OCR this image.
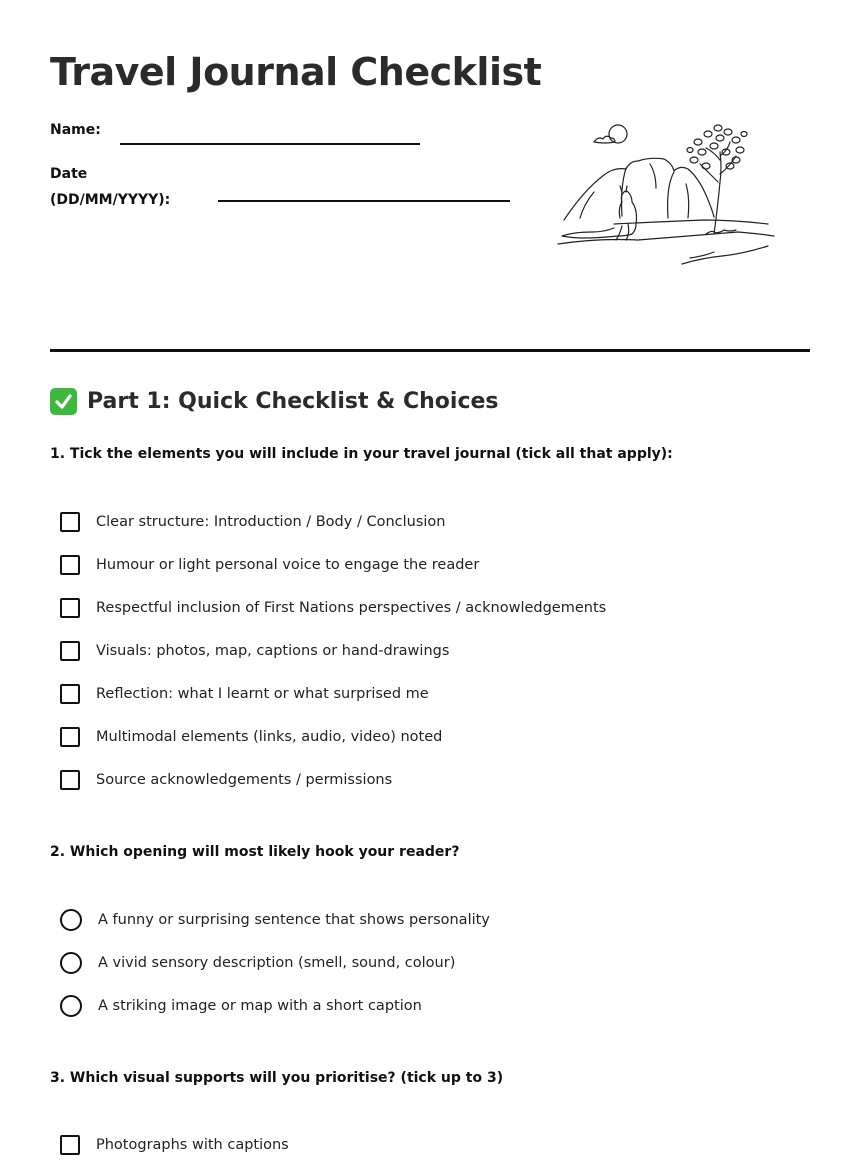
Travel Journal Checklist
Name:
Date
(DD/MM/YYYY):
Part 1: Quick Checklist & Choices

1. Tick the elements you will include in your travel journal (tick all that apply):

Clear structure: Introduction / Body / Conclusion
Humour or light personal voice to engage the reader
Respectful inclusion of First Nations perspectives / acknowledgements
Visuals: photos, map, captions or hand-drawings
Reflection: what I learnt or what surprised me
Multimodal elements (links, audio, video) noted
Source acknowledgements / permissions

2. Which opening will most likely hook your reader?

A funny or surprising sentence that shows personality
A vivid sensory description (smell, sound, colour)
A striking image or map with a short caption

3. Which visual supports will you prioritise? (tick up to 3)

Photographs with captions
